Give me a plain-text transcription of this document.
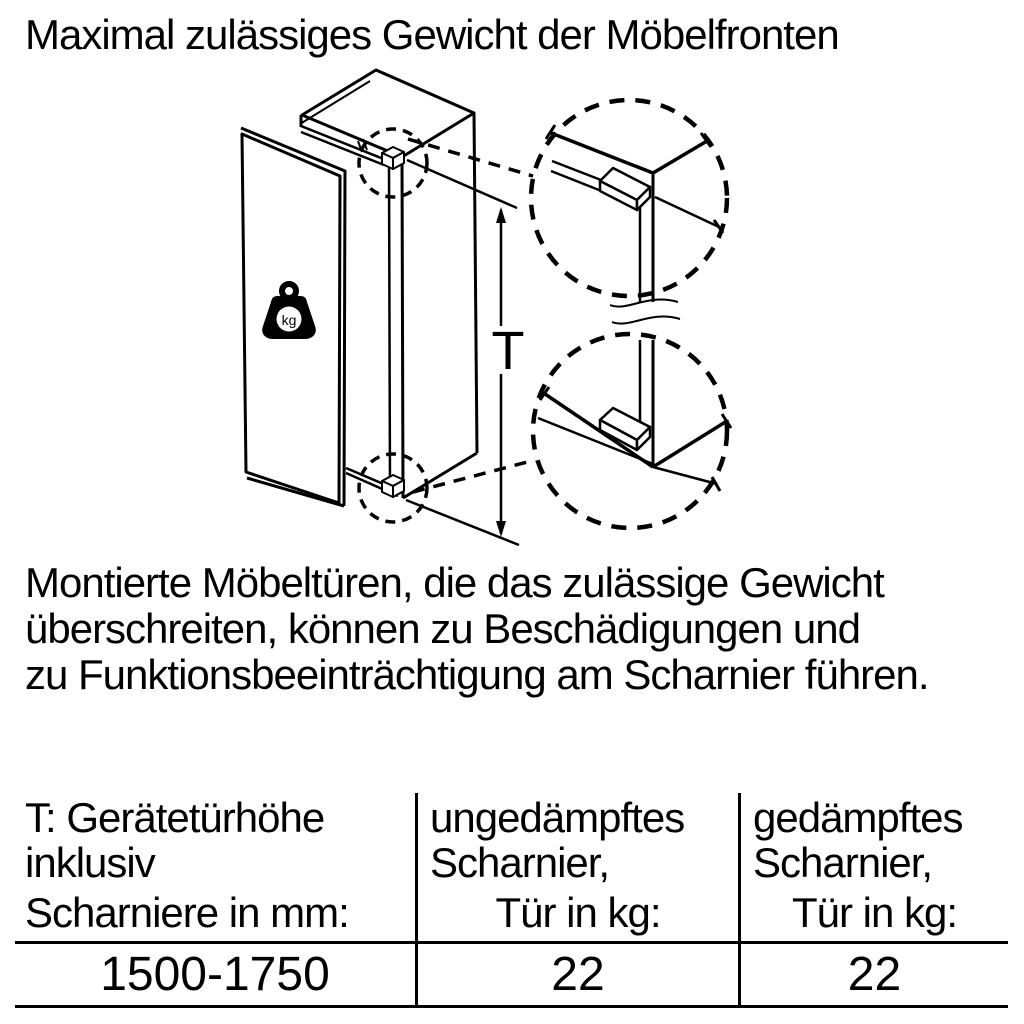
Maximal zulässiges Gewicht der Möbelfronten
kg
T
Montierte Möbeltüren, die das zulässige Gewicht
überschreiten, können zu Beschädigungen und
zu Funktionsbeeinträchtigung am Scharnier führen.
T: Gerätetürhöhe
inklusiv
Scharniere in mm:
1500-1750
ungedämpftes
Scharnier,
Tür in kg:
22
gedämpftes
Scharnier,
Tür in kg:
22
